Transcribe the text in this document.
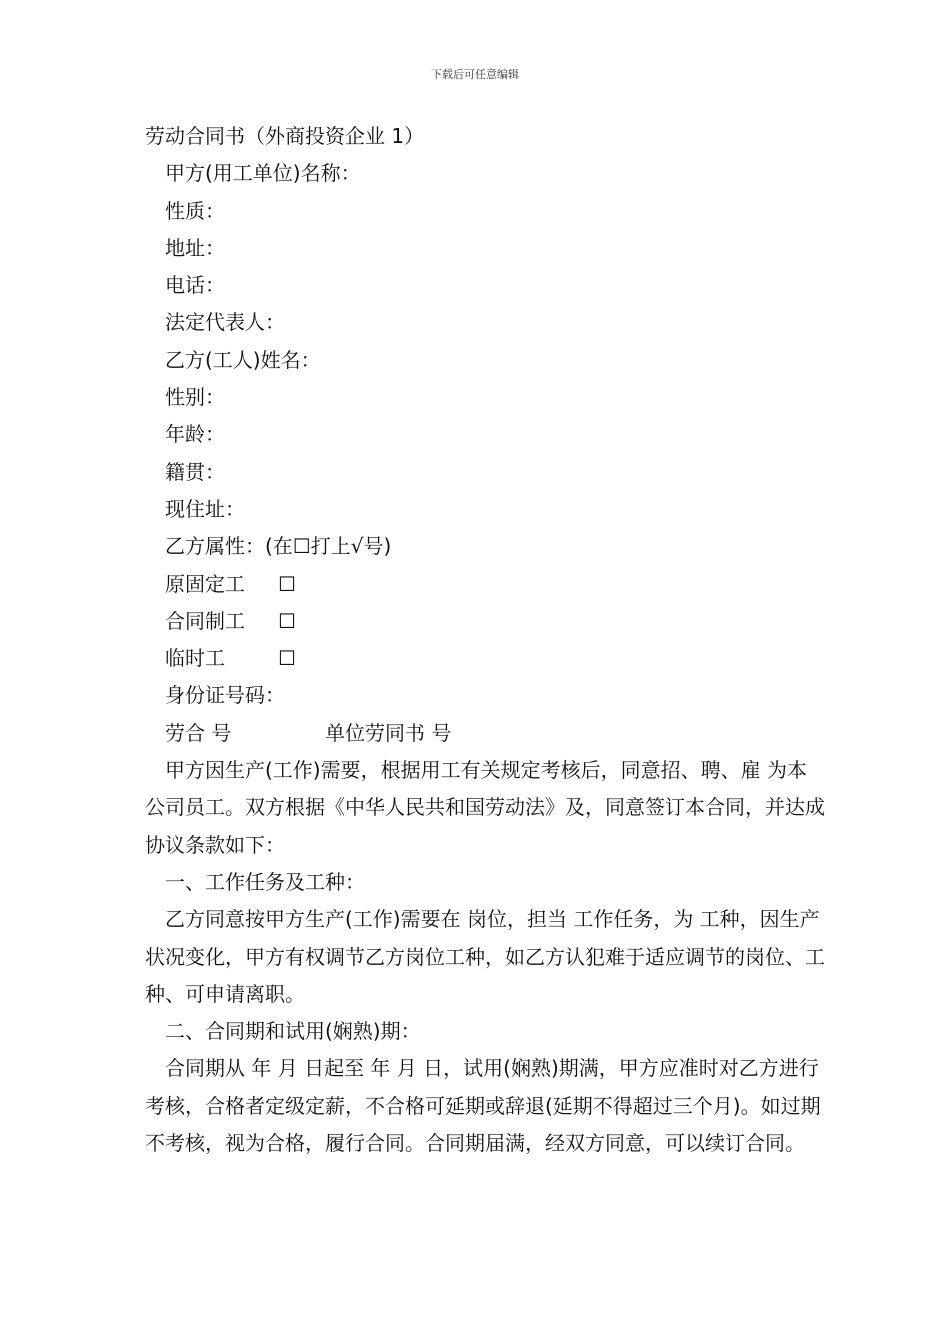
下载后可任意编辑
劳动合同书（外商投资企业 1）
甲方(用工单位)名称：
性质：
地址：
电话：
法定代表人：
乙方(工人)姓名：
性别：
年龄：
籍贯：
现住址：
乙方属性：(在☐打上√号)
原固定工	☐
合同制工	☐
临时工	☐
身份证号码：
劳合 号	单位劳同书 号
甲方因生产(工作)需要，根据用工有关规定考核后，同意招、聘、雇 为本公司员工。双方根据《中华人民共和国劳动法》及，同意签订本合同，并达成协议条款如下：
一、工作任务及工种：
乙方同意按甲方生产(工作)需要在 岗位，担当 工作任务，为 工种，因生产状况变化，甲方有权调节乙方岗位工种，如乙方认犯难于适应调节的岗位、工种、可申请离职。
二、合同期和试用(娴熟)期：
合同期从 年 月 日起至 年 月 日，试用(娴熟)期满，甲方应准时对乙方进行考核，合格者定级定薪，不合格可延期或辞退(延期不得超过三个月)。如过期不考核，视为合格，履行合同。合同期届满，经双方同意，可以续订合同。
